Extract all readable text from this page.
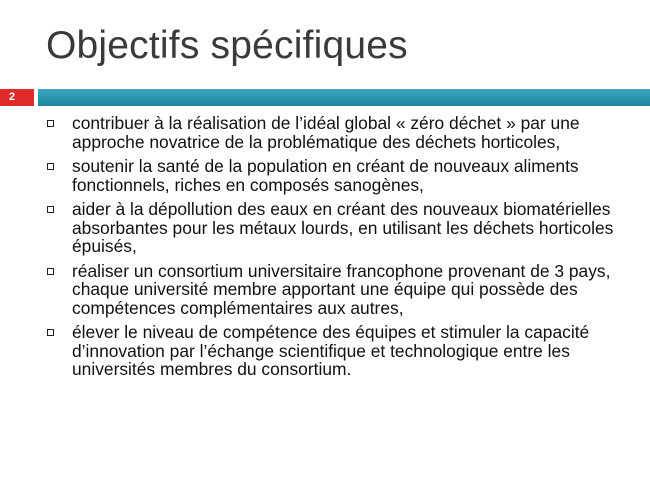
Objectifs spécifiques
2
contribuer à la réalisation de l’idéal global « zéro déchet » par une approche novatrice de la problématique des déchets horticoles,
soutenir la santé de la population en créant de nouveaux aliments fonctionnels, riches en composés sanogènes,
aider à la dépollution des eaux en créant des nouveaux biomatérielles absorbantes pour les métaux lourds, en utilisant les déchets horticoles épuisés,
réaliser un consortium universitaire francophone provenant de 3 pays, chaque université membre apportant une équipe qui possède des compétences complémentaires aux autres,
élever le niveau de compétence des équipes et stimuler la capacité d’innovation par l’échange scientifique et technologique entre les universités membres du consortium.
